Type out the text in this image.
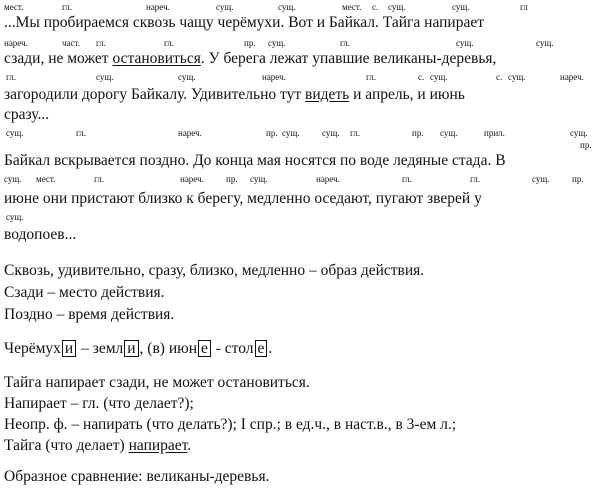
мест.	гл.	нареч.	сущ.	сущ.	мест. с. сущ.	сущ.	гл
...Мы пробираемся сквозь чащу черёмухи. Вот и Байкал. Тайга напирает
нареч.	част. гл.	гл.	пр. сущ.	гл.	сущ.	сущ.
сзади, не может остановиться. У берега лежат упавшие великаны-деревья,
гл.	сущ.	сущ.	нареч.	гл.	с. сущ.	с. сущ.	нареч.
загородили дорогу Байкалу. Удивительно тут видеть и апрель, и июнь
сразу...
сущ.	гл.	нареч.	пр. сущ. сущ. гл.	пр. сущ.	прил.	сущ.
пр.
Байкал вскрывается поздно. До конца мая носятся по воде ледяные стада. В
сущ. мест.	гл.	нареч. пр. сущ.	нареч.	гл.	гл.	сущ. пр.
июне они пристают близко к берегу, медленно оседают, пугают зверей у
сущ.
водопоев...
Сквозь, удивительно, сразу, близко, медленно – образ действия.
Сзади – место действия.
Поздно – время действия.
Черёмух и – земл и , (в) июн е - стол е .
Тайга напирает сзади, не может остановиться.
Напирает – гл. (что делает?);
Неопр. ф. – напирать (что делать?); I спр.; в ед.ч., в наст.в., в 3-ем л.;
Тайга (что делает) напирает.
Образное сравнение: великаны-деревья.
